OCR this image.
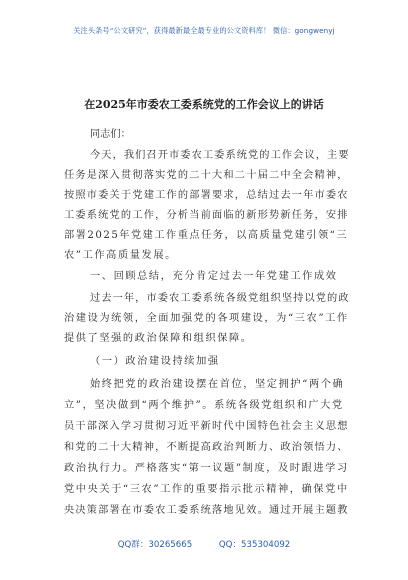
关注头条号“公文研究”，获得最新最全最专业的公文资料库！ 微信：gongwenyj
在2025年市委农工委系统党的工作会议上的讲话
同志们：
今天，我们召开市委农工委系统党的工作会议，主要
任务是深入贯彻落实党的二十大和二十届二中全会精神，
按照市委关于党建工作的部署要求，总结过去一年市委农
工委系统党的工作，分析当前面临的新形势新任务，安排
部署2025年党建工作重点任务，以高质量党建引领“三
农”工作高质量发展。
一、回顾总结，充分肯定过去一年党建工作成效
过去一年，市委农工委系统各级党组织坚持以党的政
治建设为统领，全面加强党的各项建设，为“三农”工作
提供了坚强的政治保障和组织保障。
（一）政治建设持续加强
始终把党的政治建设摆在首位，坚定拥护“两个确
立”，坚决做到“两个维护”。系统各级党组织和广大党
员干部深入学习贯彻习近平新时代中国特色社会主义思想
和党的二十大精神，不断提高政治判断力、政治领悟力、
政治执行力。严格落实“第一议题”制度，及时跟进学习
党中央关于“三农”工作的重要指示批示精神，确保党中
央决策部署在市委农工委系统落地见效。通过开展主题教
QQ群：30265665	QQ：535304092
